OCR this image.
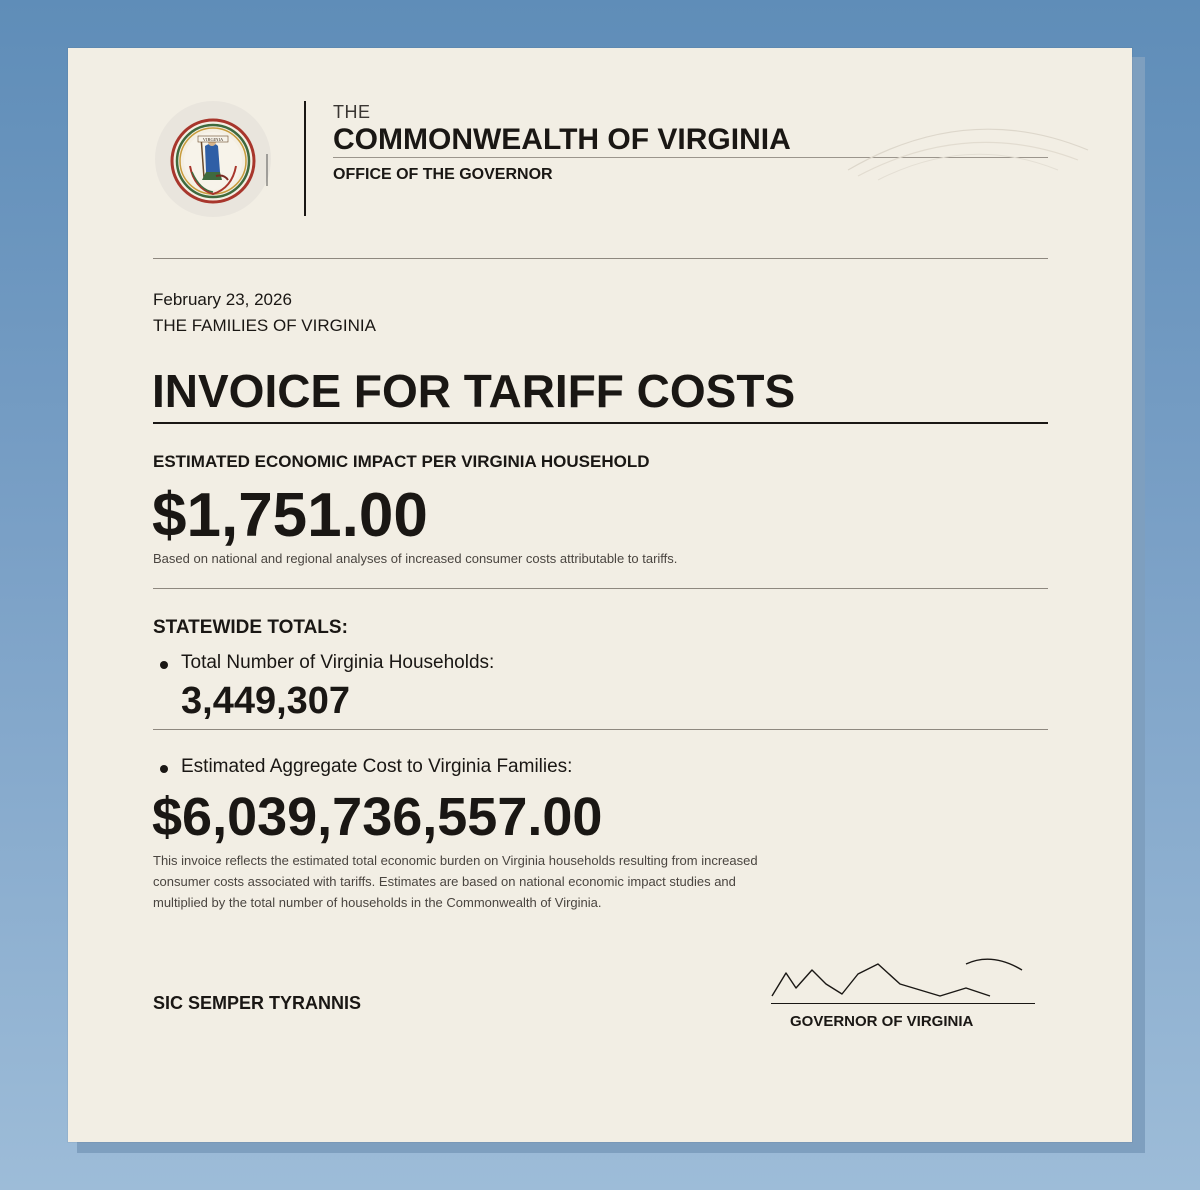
VIRGINIA
THE
COMMONWEALTH OF VIRGINIA
OFFICE OF THE GOVERNOR
February 23, 2026
THE FAMILIES OF VIRGINIA
INVOICE FOR TARIFF COSTS
ESTIMATED ECONOMIC IMPACT PER VIRGINIA HOUSEHOLD
$1,751.00
Based on national and regional analyses of increased consumer costs attributable to tariffs.
STATEWIDE TOTALS:
Total Number of Virginia Households:
3,449,307
Estimated Aggregate Cost to Virginia Families:
$6,039,736,557.00
This invoice reflects the estimated total economic burden on Virginia households resulting from increased consumer costs associated with tariffs. Estimates are based on national economic impact studies and multiplied by the total number of households in the Commonwealth of Virginia.
SIC SEMPER TYRANNIS
GOVERNOR OF VIRGINIA
